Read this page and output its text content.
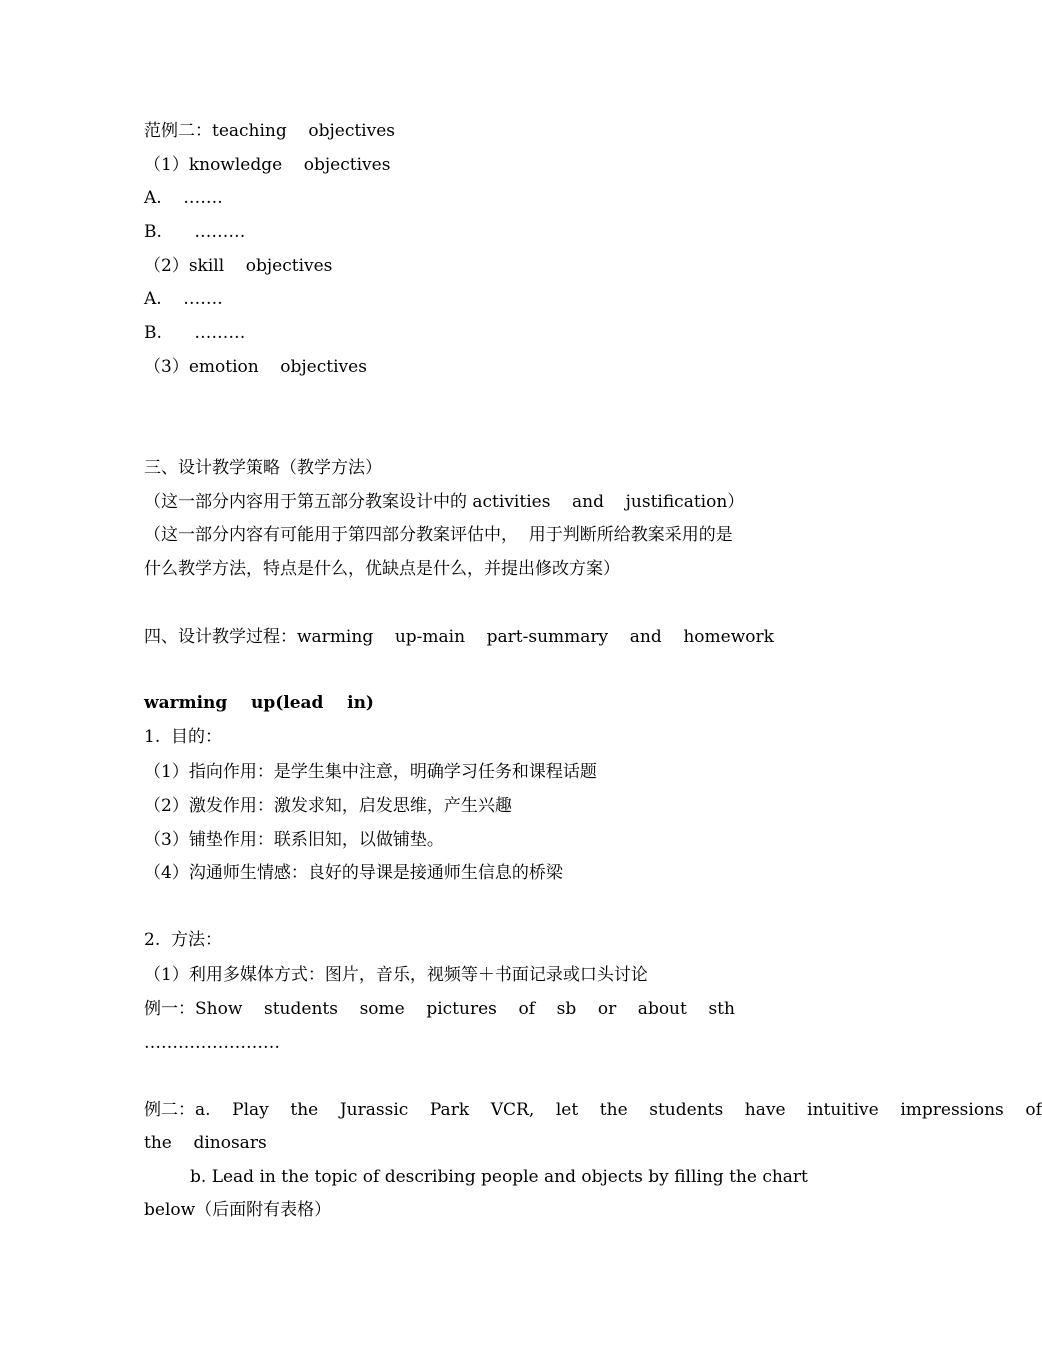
范例二：teaching    objectives
（1）knowledge    objectives
A.    …….
B.      ………
（2）skill    objectives
A.    …….
B.      ………
（3）emotion    objectives
三、设计教学策略（教学方法）
（这一部分内容用于第五部分教案设计中的 activities    and    justification）
（这一部分内容有可能用于第四部分教案评估中，  用于判断所给教案采用的是
什么教学方法，特点是什么，优缺点是什么，并提出修改方案）
四、设计教学过程：warming    up-main    part-summary    and    homework
warming    up(lead    in)
1.  目的：
（1）指向作用：是学生集中注意，明确学习任务和课程话题
（2）激发作用：激发求知，启发思维，产生兴趣
（3）铺垫作用：联系旧知，以做铺垫。
（4）沟通师生情感：良好的导课是接通师生信息的桥梁
2.  方法：
（1）利用多媒体方式：图片，音乐，视频等＋书面记录或口头讨论
例一：Show    students    some    pictures    of    sb    or    about    sth
……………………
例二：a.    Play    the    Jurassic    Park    VCR,    let    the    students    have    intuitive    impressions    of
the    dinosars
b. Lead in the topic of describing people and objects by filling the chart
below（后面附有表格）
